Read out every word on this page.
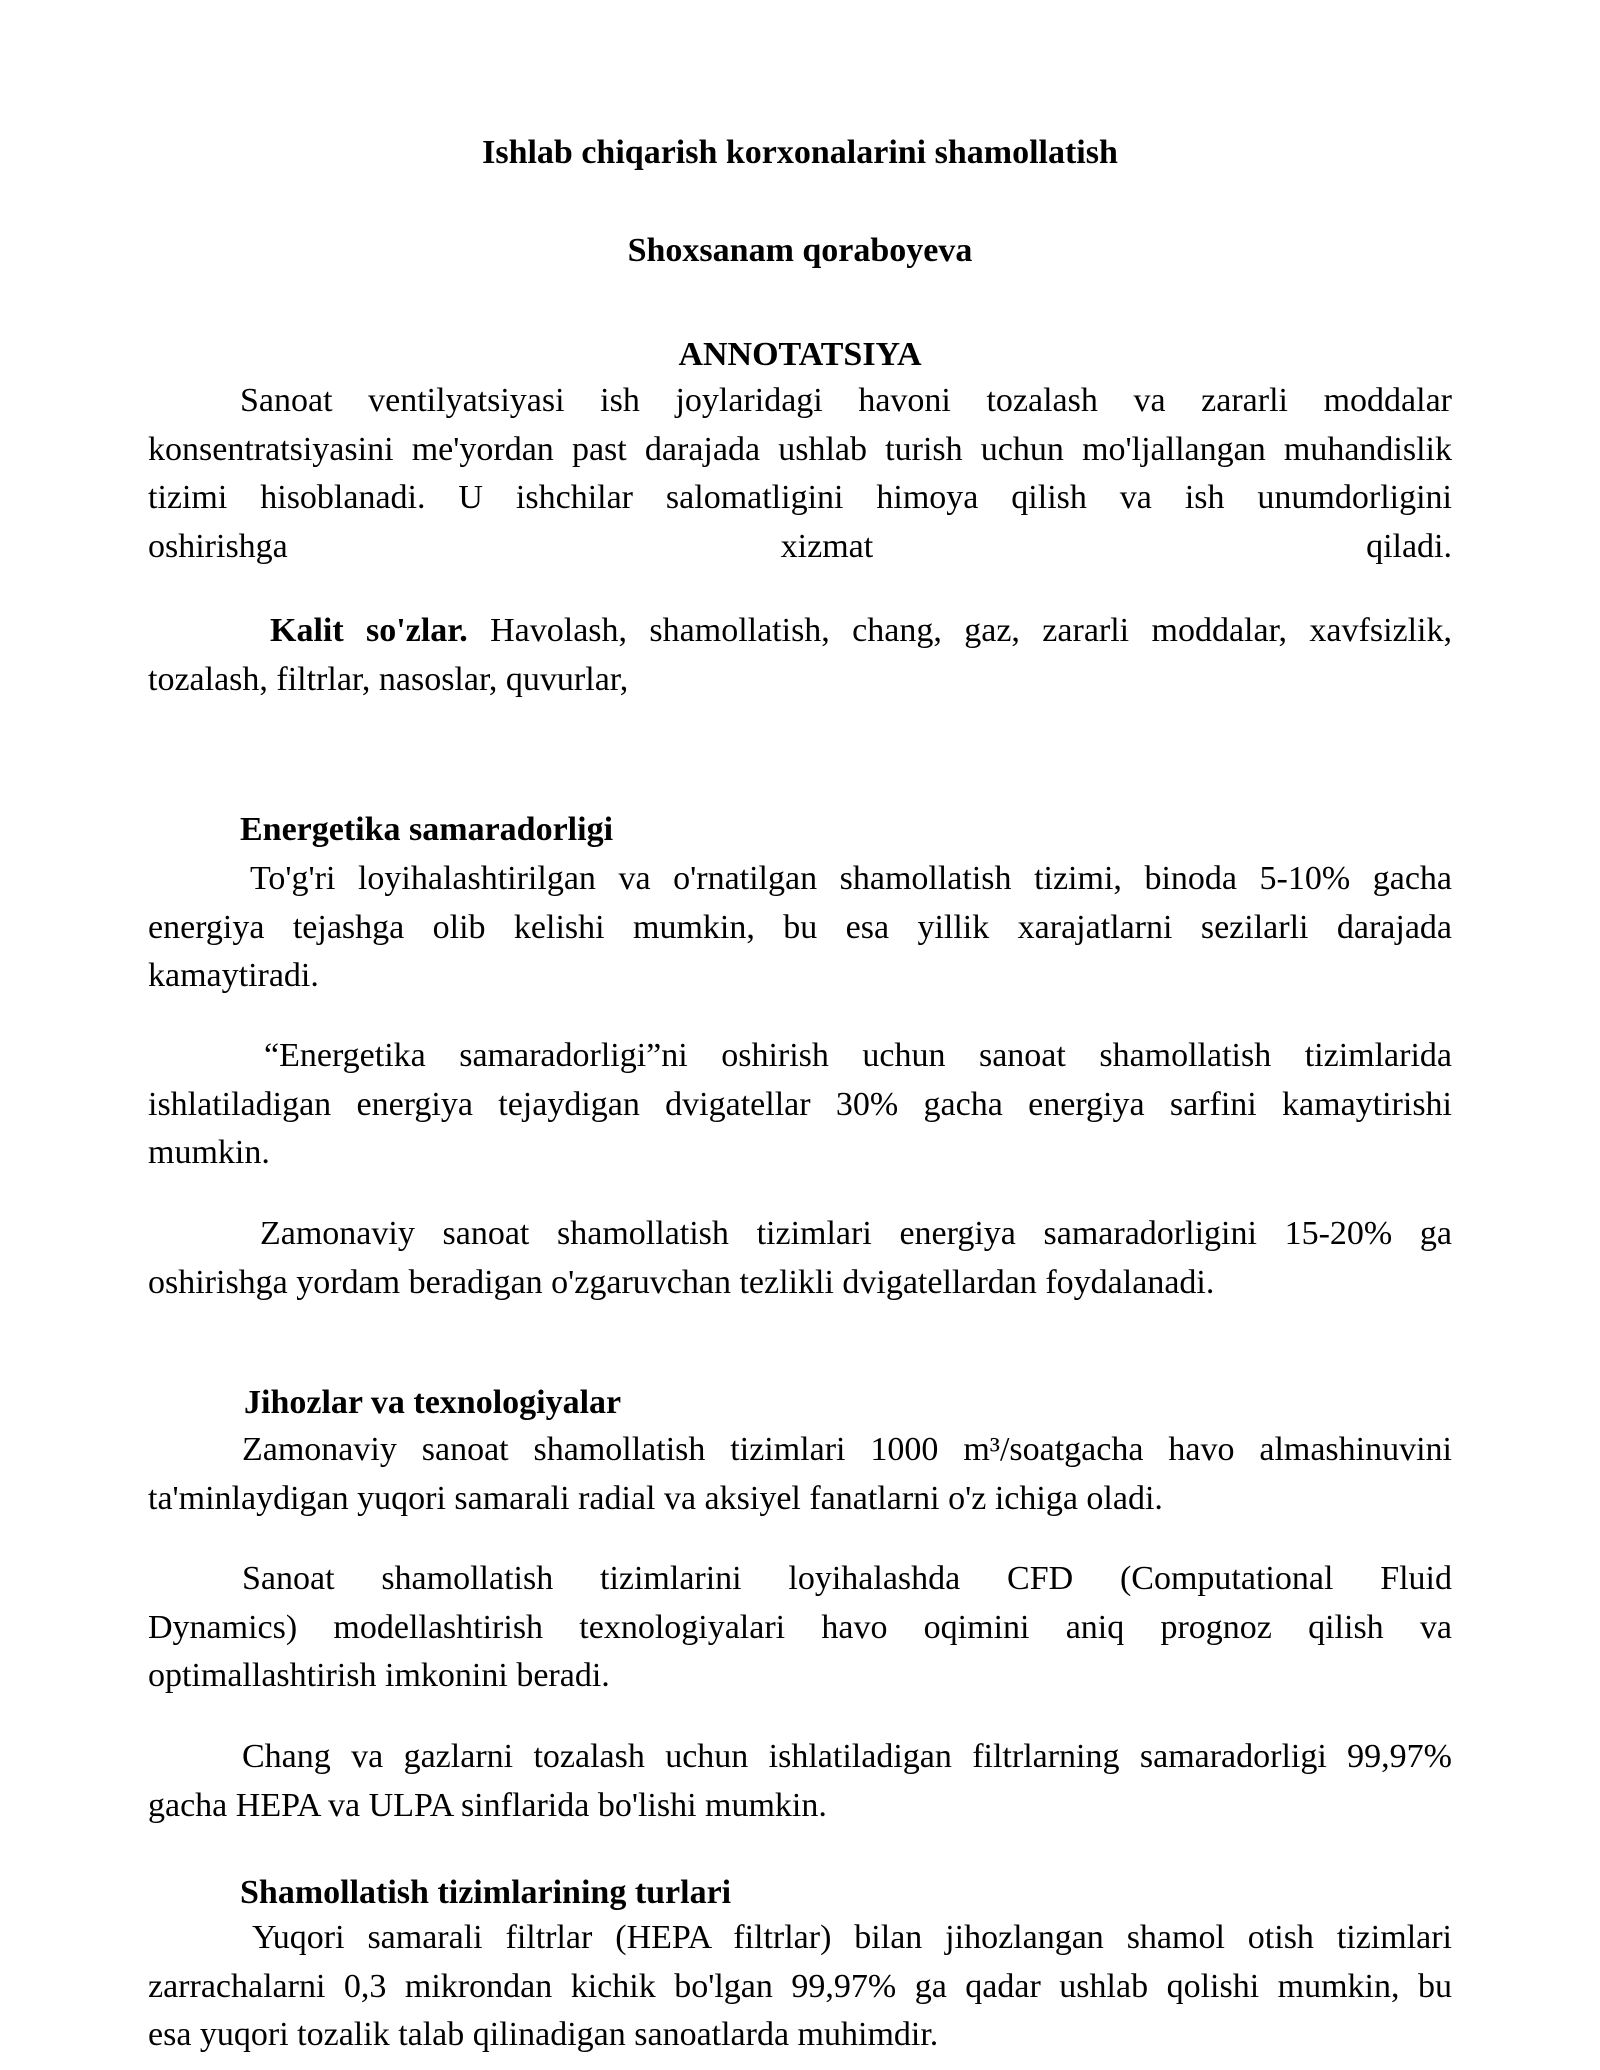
Ishlab chiqarish korxonalarini shamollatish
Shoxsanam qoraboyeva
ANNOTATSIYA
Sanoat ventilyatsiyasi ish joylaridagi havoni tozalash va zararli moddalar
konsentratsiyasini me'yordan past darajada ushlab turish uchun mo'ljallangan muhandislik
tizimi hisoblanadi. U ishchilar salomatligini himoya qilish va ish unumdorligini
oshirishga xizmat qiladi.
Kalit so'zlar. Havolash, shamollatish, chang, gaz, zararli moddalar, xavfsizlik,
tozalash, filtrlar, nasoslar, quvurlar,
Energetika samaradorligi
To'g'ri loyihalashtirilgan va o'rnatilgan shamollatish tizimi, binoda 5-10% gacha
energiya tejashga olib kelishi mumkin, bu esa yillik xarajatlarni sezilarli darajada
kamaytiradi.
“Energetika samaradorligi”ni oshirish uchun sanoat shamollatish tizimlarida
ishlatiladigan energiya tejaydigan dvigatellar 30% gacha energiya sarfini kamaytirishi
mumkin.
Zamonaviy sanoat shamollatish tizimlari energiya samaradorligini 15-20% ga
oshirishga yordam beradigan o'zgaruvchan tezlikli dvigatellardan foydalanadi.
Jihozlar va texnologiyalar
Zamonaviy sanoat shamollatish tizimlari 1000 m³/soatgacha havo almashinuvini
ta'minlaydigan yuqori samarali radial va aksiyel fanatlarni o'z ichiga oladi.
Sanoat shamollatish tizimlarini loyihalashda CFD (Computational Fluid
Dynamics) modellashtirish texnologiyalari havo oqimini aniq prognoz qilish va
optimallashtirish imkonini beradi.
Chang va gazlarni tozalash uchun ishlatiladigan filtrlarning samaradorligi 99,97%
gacha HEPA va ULPA sinflarida bo'lishi mumkin.
Shamollatish tizimlarining turlari
Yuqori samarali filtrlar (HEPA filtrlar) bilan jihozlangan shamol otish tizimlari
zarrachalarni 0,3 mikrondan kichik bo'lgan 99,97% ga qadar ushlab qolishi mumkin, bu
esa yuqori tozalik talab qilinadigan sanoatlarda muhimdir.
